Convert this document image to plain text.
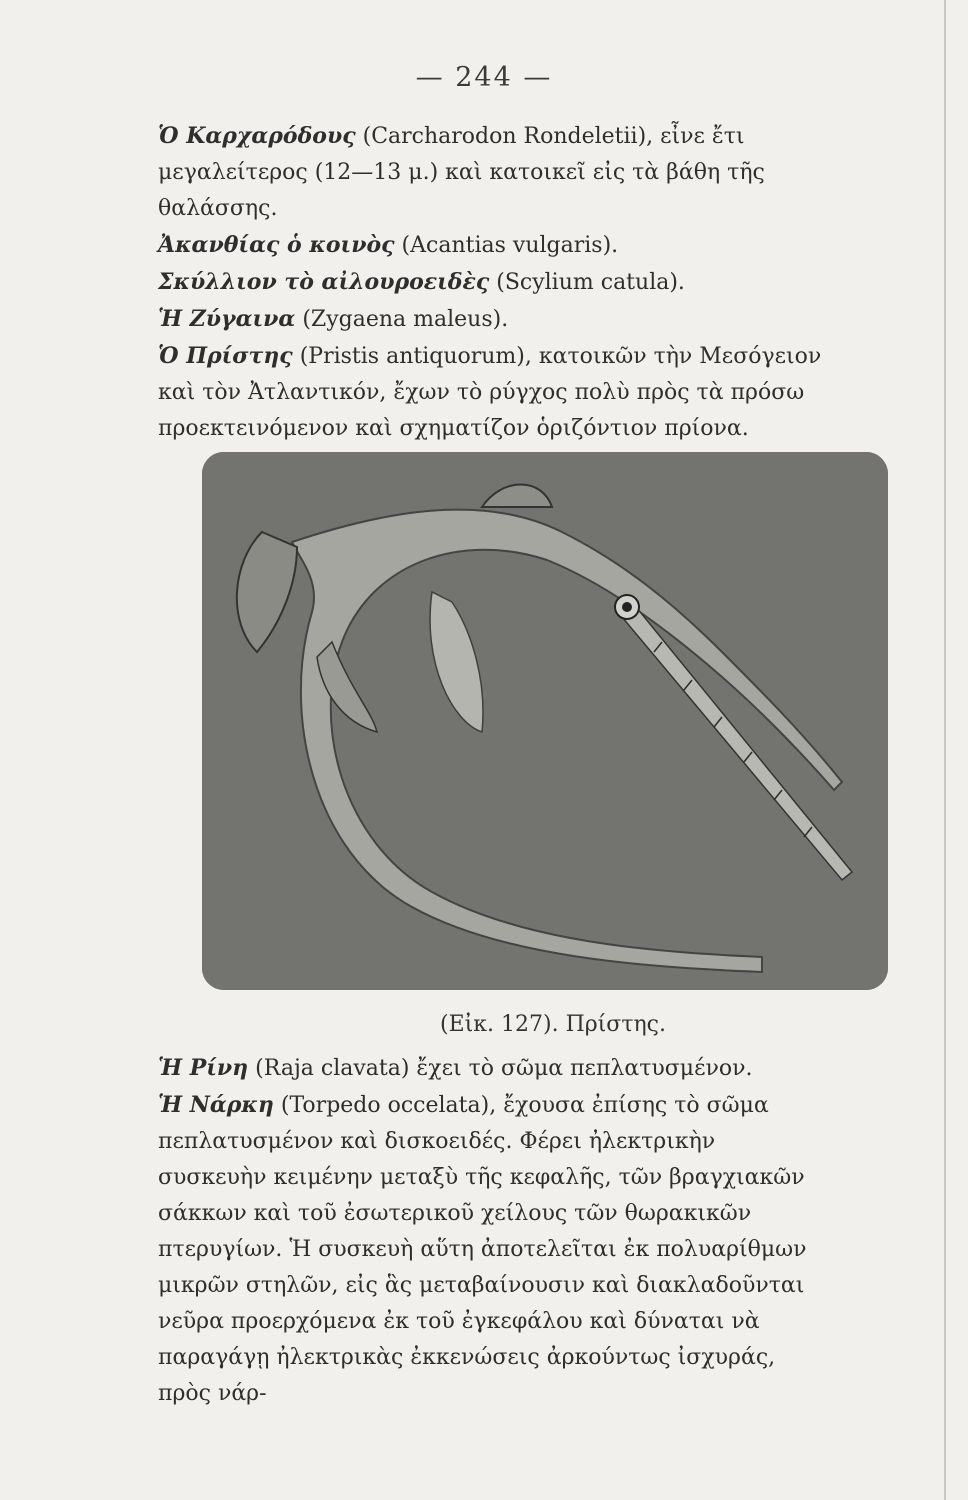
— 244 —

Ὁ Καρχαρόδους (Carcharodon Rondeletii), εἶνε ἔτι μεγαλείτερος (12—13 μ.) καὶ κατοικεῖ εἰς τὰ βάθη τῆς θαλάσσης.

Ἀκανθίας ὁ κοινὸς (Acantias vulgaris).

Σκύλλιον τὸ αἰλουροειδὲς (Scylium catula).

Ἡ Ζύγαινα (Zygaena maleus).

Ὁ Πρίστης (Pristis antiquorum), κατοικῶν τὴν Μεσόγειον καὶ τὸν Ἀτλαντικόν, ἔχων τὸ ρύγχος πολὺ πρὸς τὰ πρόσω προεκτεινόμενον καὶ σχηματίζον ὁριζόντιον πρίονα.

(Εἰκ. 127). Πρίστης.

Ἡ Ρίνη (Raja clavata) ἔχει τὸ σῶμα πεπλατυσμένον.

Ἡ Νάρκη (Torpedo occelata), ἔχουσα ἐπίσης τὸ σῶμα πεπλατυσμένον καὶ δισκοειδές. Φέρει ἠλεκτρικὴν συσκευὴν κειμένην μεταξὺ τῆς κεφαλῆς, τῶν βραγχιακῶν σάκκων καὶ τοῦ ἐσωτερικοῦ χείλους τῶν θωρακικῶν πτερυγίων. Ἡ συσκευὴ αὕτη ἀποτελεῖται ἐκ πολυαρίθμων μικρῶν στηλῶν, εἰς ἃς μεταβαίνουσιν καὶ διακλαδοῦνται νεῦρα προερχόμενα ἐκ τοῦ ἐγκεφάλου καὶ δύναται νὰ παραγάγῃ ἠλεκτρικὰς ἐκκενώσεις ἀρκούντως ἰσχυράς, πρὸς νάρ-
